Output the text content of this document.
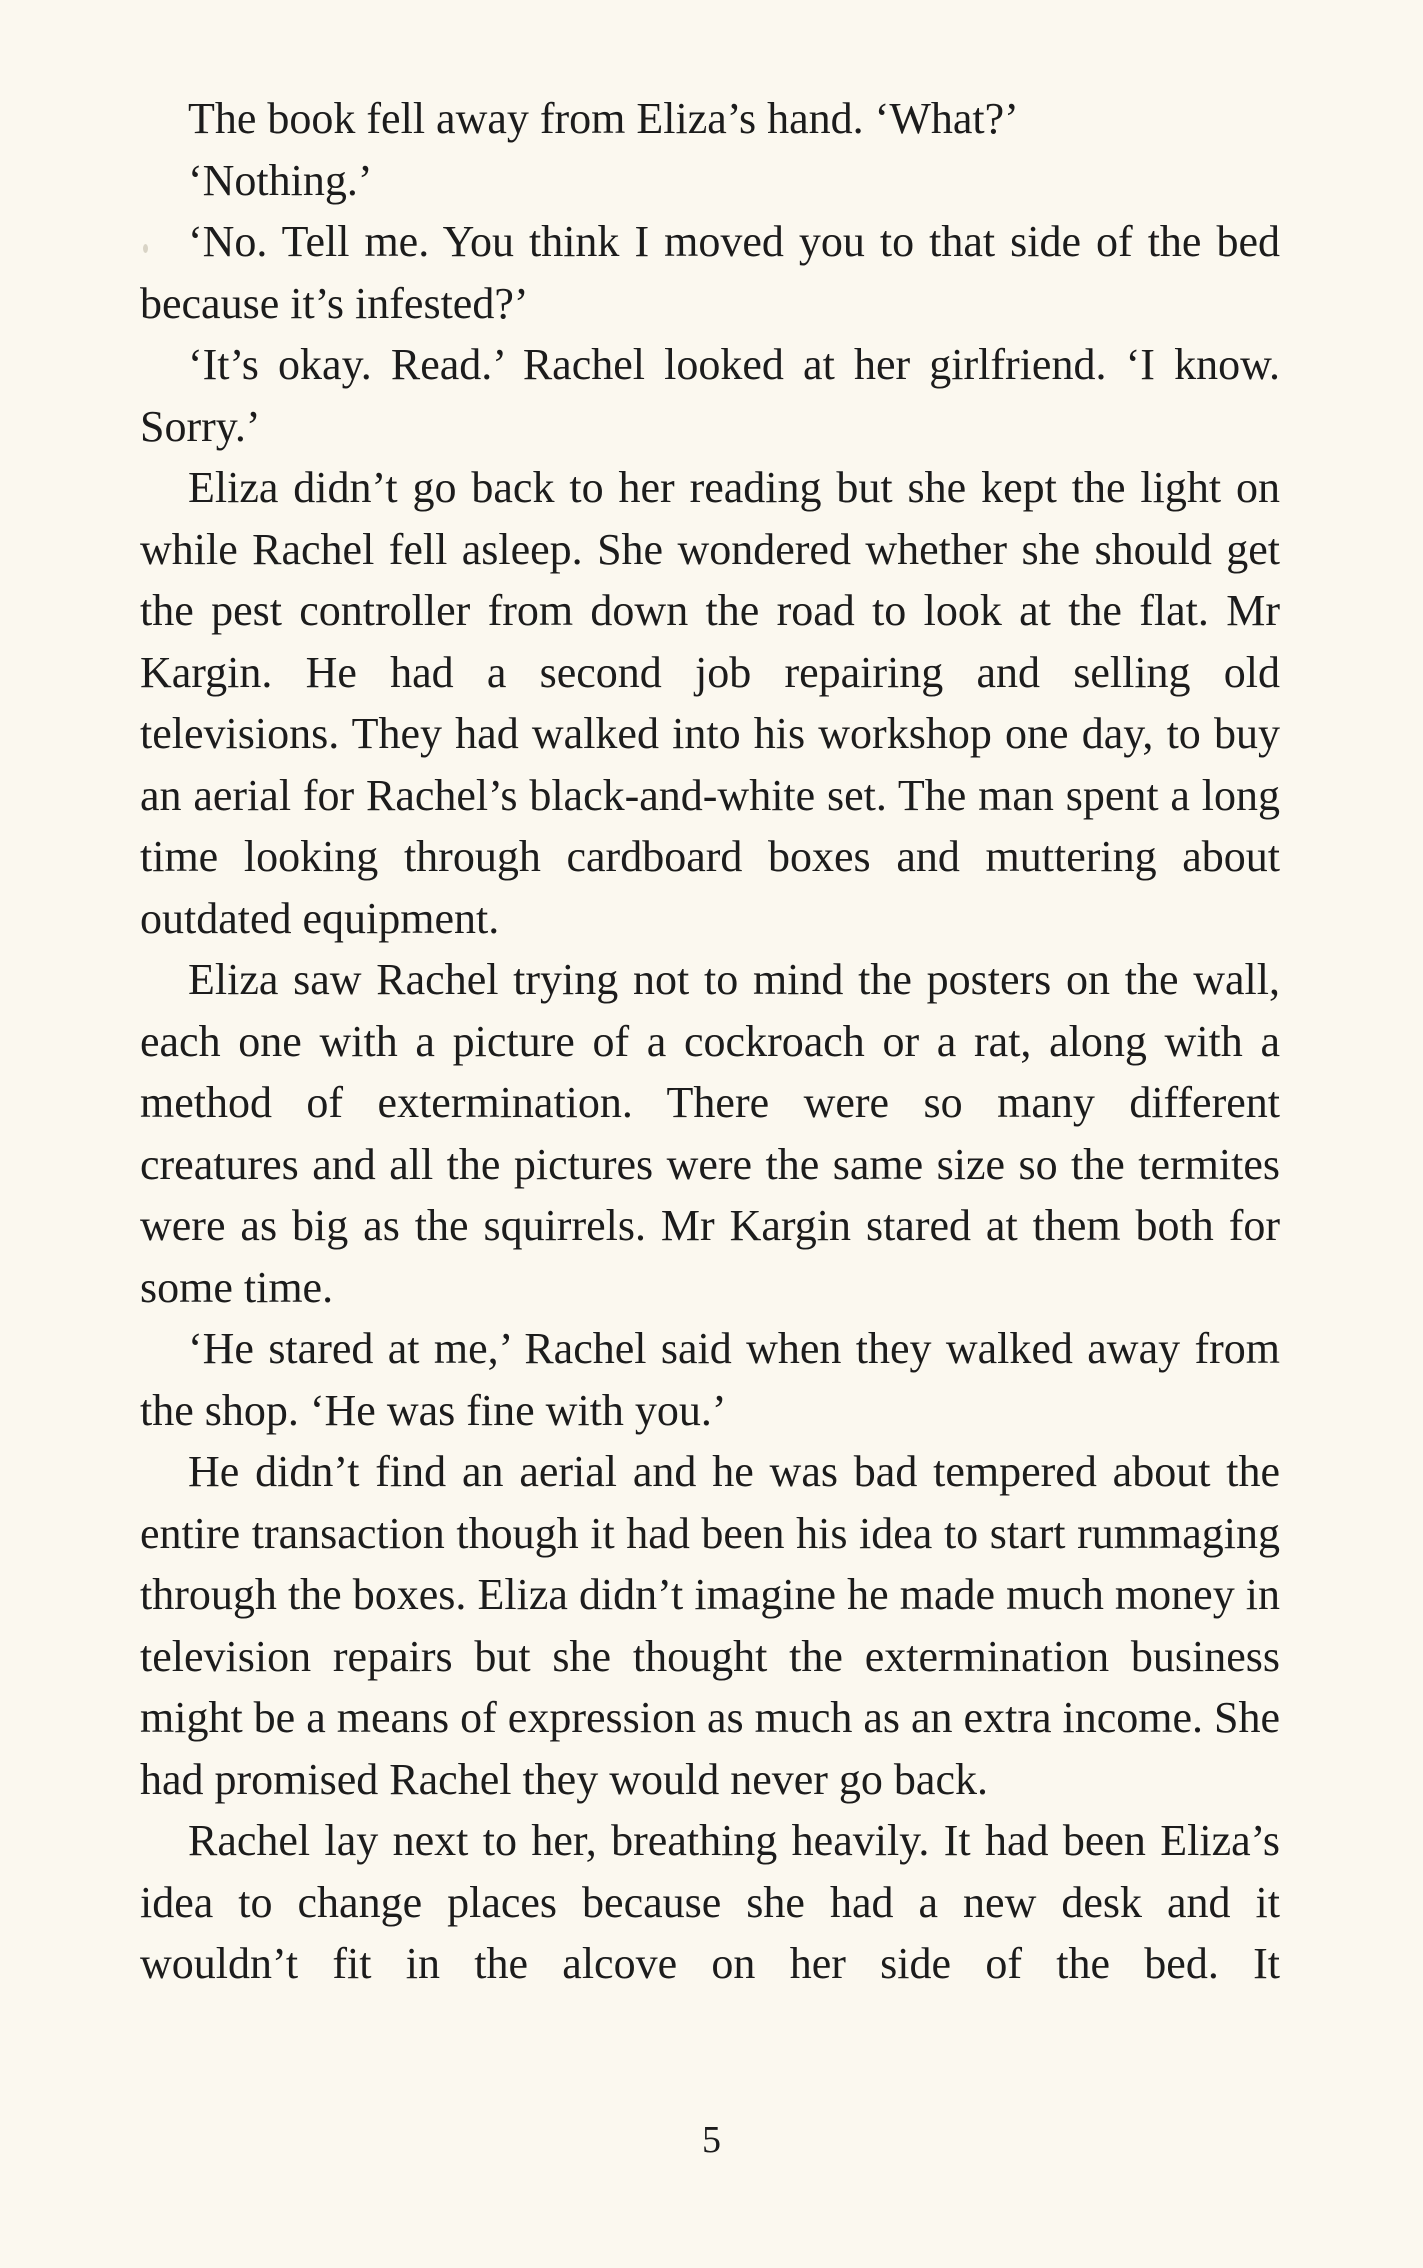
The book fell away from Eliza’s hand. ‘What?’

‘Nothing.’

‘No. Tell me. You think I moved you to that side of the bed because it’s infested?’

‘It’s okay. Read.’ Rachel looked at her girlfriend. ‘I know. Sorry.’

Eliza didn’t go back to her reading but she kept the light on while Rachel fell asleep. She wondered whether she should get the pest controller from down the road to look at the flat. Mr Kargin. He had a second job repairing and selling old televisions. They had walked into his workshop one day, to buy an aerial for Rachel’s black-and-white set. The man spent a long time looking through cardboard boxes and muttering about outdated equipment.

Eliza saw Rachel trying not to mind the posters on the wall, each one with a picture of a cockroach or a rat, along with a method of extermination. There were so many different creatures and all the pictures were the same size so the termites were as big as the squirrels. Mr Kargin stared at them both for some time.

‘He stared at me,’ Rachel said when they walked away from the shop. ‘He was fine with you.’

He didn’t find an aerial and he was bad tempered about the entire transaction though it had been his idea to start rummaging through the boxes. Eliza didn’t imagine he made much money in television repairs but she thought the extermination business might be a means of expression as much as an extra income. She had promised Rachel they would never go back.

Rachel lay next to her, breathing heavily. It had been Eliza’s idea to change places because she had a new desk and it wouldn’t fit in the alcove on her side of the bed. It

5
